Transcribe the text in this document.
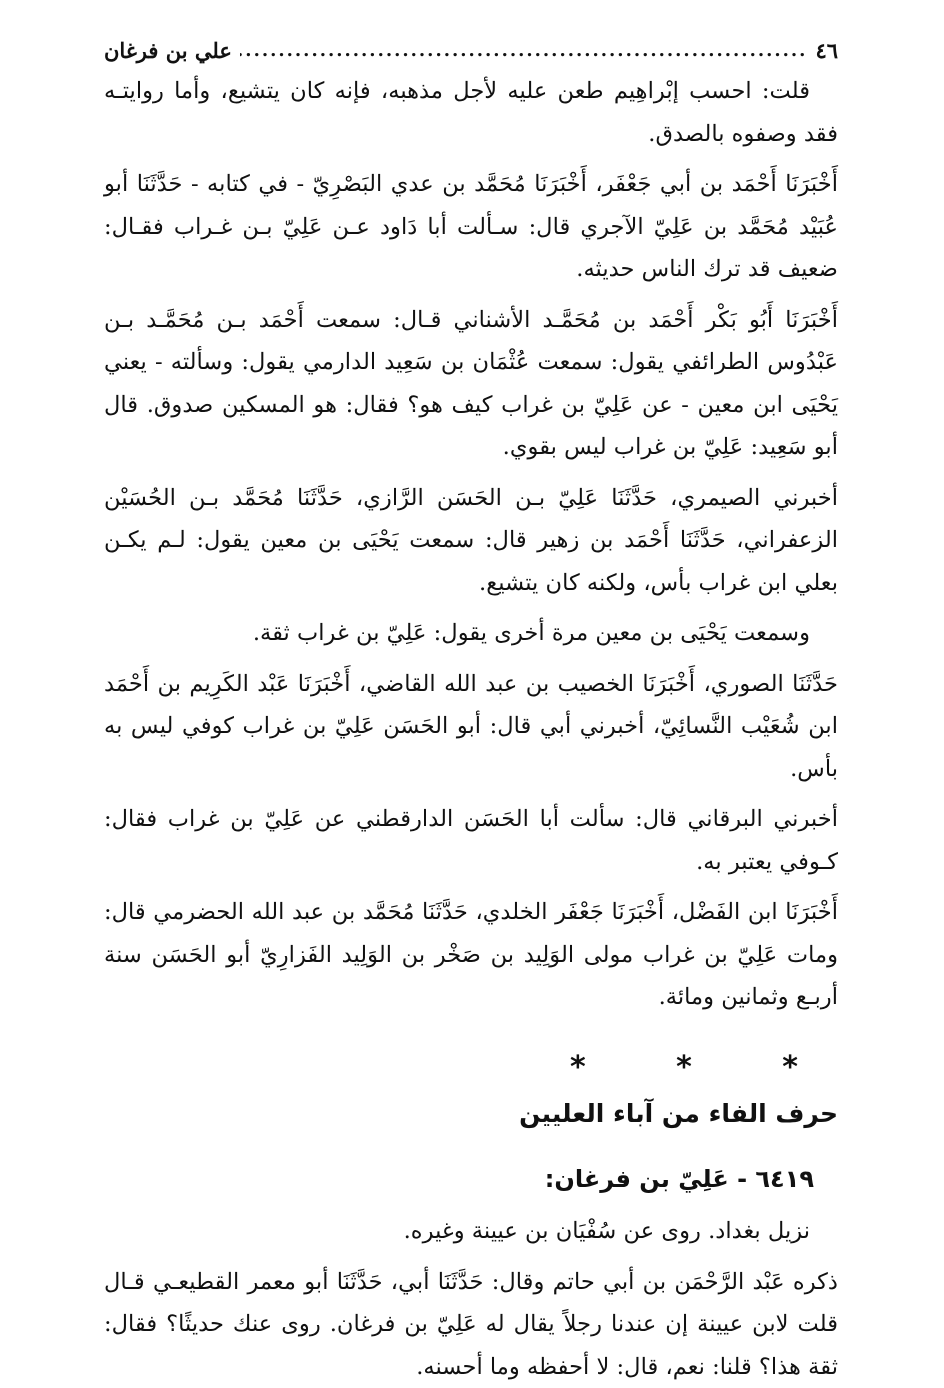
٤٦
.....
علي بن فرغان

قلت: احسب إبْراهِيم طعن عليه لأجل مذهبه، فإنه كان يتشيع، وأما روايتـه فقد وصفوه بالصدق.

أَخْبَرَنَا أَحْمَد بن أبي جَعْفَر، أَخْبَرَنَا مُحَمَّد بن عدي البَصْرِيّ - في كتابه - حَدَّثَنَا أبو عُبَيْد مُحَمَّد بن عَلِيّ الآجري قال: سـألت أبا دَاود عـن عَلِيّ بـن غـراب فقـال: ضعيف قد ترك الناس حديثه.

أَخْبَرَنَا أَبُو بَكْر أَحْمَد بن مُحَمَّـد الأشناني قـال: سمعت أَحْمَد بـن مُحَمَّـد بـن عَبْدُوس الطرائفي يقول: سمعت عُثْمَان بن سَعِيد الدارمي يقول: وسألته - يعني يَحْيَى ابن معين - عن عَلِيّ بن غراب كيف هو؟ فقال: هو المسكين صدوق. قال أبو سَعِيد: عَلِيّ بن غراب ليس بقوي.

أخبرني الصيمري، حَدَّثَنَا عَلِيّ بـن الحَسَن الرَّازي، حَدَّثَنَا مُحَمَّد بـن الحُسَيْن الزعفراني، حَدَّثَنَا أَحْمَد بن زهير قال: سمعت يَحْيَى بن معين يقول: لـم يكـن بعلي ابن غراب بأس، ولكنه كان يتشيع.

وسمعت يَحْيَى بن معين مرة أخرى يقول: عَلِيّ بن غراب ثقة.

حَدَّثَنَا الصوري، أَخْبَرَنَا الخصيب بن عبد الله القاضي، أَخْبَرَنَا عَبْد الكَرِيم بن أَحْمَد ابن شُعَيْب النَّسائِيّ، أخبرني أبي قال: أبو الحَسَن عَلِيّ بن غراب كوفي ليس به بأس.

أخبرني البرقاني قال: سألت أبا الحَسَن الدارقطني عن عَلِيّ بن غراب فقال: كـوفي يعتبر به.

أَخْبَرَنَا ابن الفَضْل، أَخْبَرَنَا جَعْفَر الخلدي، حَدَّثَنَا مُحَمَّد بن عبد الله الحضرمي قال: ومات عَلِيّ بن غراب مولى الوَلِيد بن صَخْر بن الوَلِيد الفَزارِيّ أبو الحَسَن سنة أربـع وثمانين ومائة.

* * *
حرف الفاء من آباء العليين
٦٤١٩ - عَلِيّ بن فرغان:

نزيل بغداد. روى عن سُفْيَان بن عيينة وغيره.

ذكره عَبْد الرَّحْمَن بن أبي حاتم وقال: حَدَّثَنَا أبي، حَدَّثَنَا أبو معمر القطيعـي قـال قلت لابن عيينة إن عندنا رجلاً يقال له عَلِيّ بن فرغان. روى عنك حديثًا؟ فقال: ثقة هذا؟ قلنا: نعم، قال: لا أحفظه وما أحسنه.
